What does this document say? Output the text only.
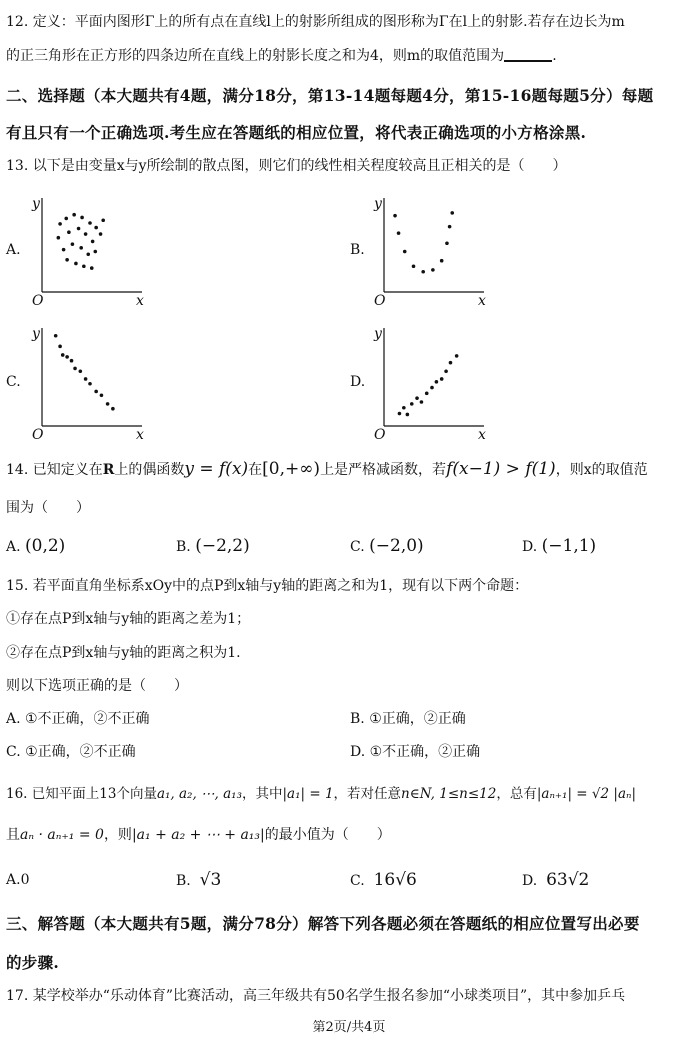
12. 定义：平面内图形Γ上的所有点在直线l上的射影所组成的图形称为Γ在l上的射影.若存在边长为m
的正三角形在正方形的四条边所在直线上的射影长度之和为4，则m的取值范围为	.
二、选择题（本大题共有4题，满分18分，第13-14题每题4分，第15-16题每题5分）每题
有且只有一个正确选项.考生应在答题纸的相应位置，将代表正确选项的小方格涂黑.
13. 以下是由变量x与y所绘制的散点图，则它们的线性相关程度较高且正相关的是（　　）
A.	B.
C.	D.
y
x
O
y
x
O
y
x
O
y
x
O
14. 已知定义在R上的偶函数y = f(x)在[0,+∞)上是严格减函数，若f(x−1) > f(1)，则x的取值范
围为（　　）
A. (0,2)	B. (−2,2)	C. (−2,0)	D. (−1,1)
15. 若平面直角坐标系xOy中的点P到x轴与y轴的距离之和为1，现有以下两个命题：
①存在点P到x轴与y轴的距离之差为1；
②存在点P到x轴与y轴的距离之积为1.
则以下选项正确的是（　　）
A. ①不正确，②不正确	B. ①正确，②正确
C. ①正确，②不正确	D. ①不正确，②正确
16. 已知平面上13个向量a₁, a₂, ⋯, a₁₃，其中|a₁| = 1，若对任意n∈N, 1≤n≤12，总有|aₙ₊₁| = √2 |aₙ|
且aₙ · aₙ₊₁ = 0，则|a₁ + a₂ + ⋯ + a₁₃|的最小值为（　　）
A.0	B. √3	C. 16√6	D. 63√2
三、解答题（本大题共有5题，满分78分）解答下列各题必须在答题纸的相应位置写出必要
的步骤.
17. 某学校举办“乐动体育”比赛活动，高三年级共有50名学生报名参加“小球类项目”，其中参加乒乓
第2页/共4页
